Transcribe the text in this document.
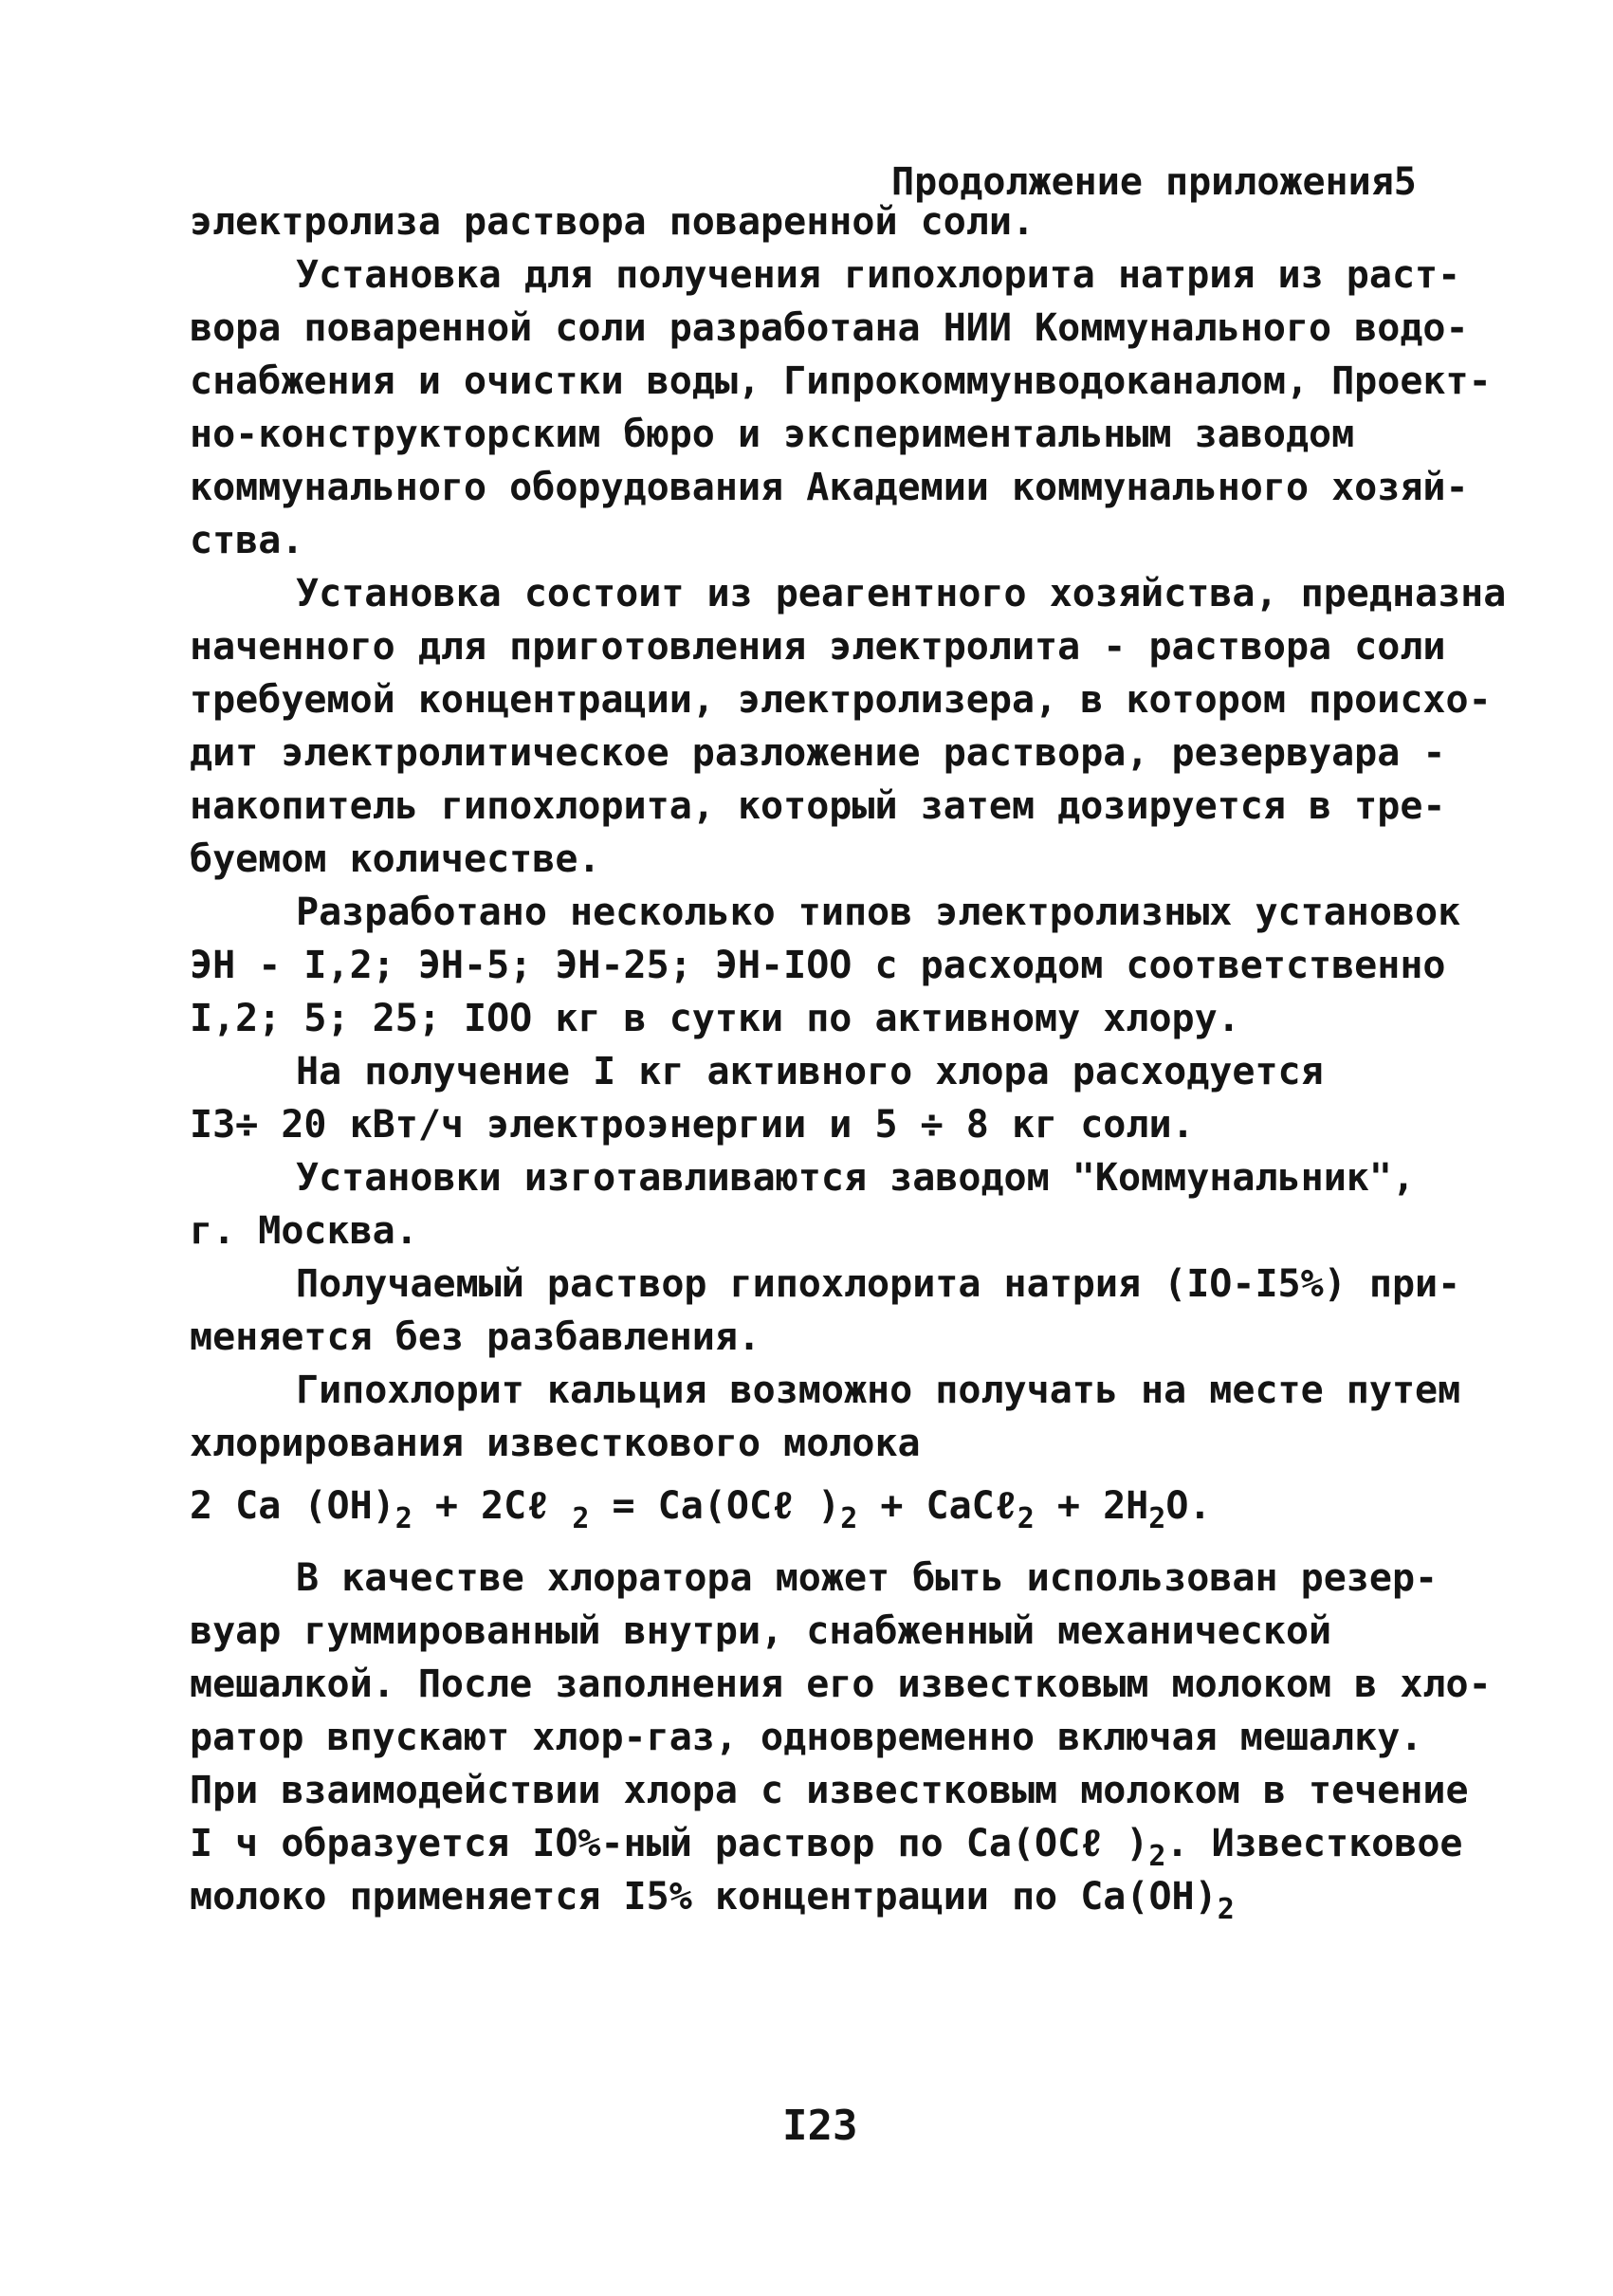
Продолжение приложения5
электролиза раствора поваренной соли.
Установка для получения гипохлорита натрия из раст-
вора поваренной соли разработана НИИ Коммунального водо-
снабжения и очистки воды, Гипрокоммунводоканалом, Проект-
но-конструкторским бюро и экспериментальным заводом
коммунального оборудования Академии коммунального хозяй-
ства.
Установка состоит из реагентного хозяйства, предназна
наченного для приготовления электролита - раствора соли
требуемой концентрации, электролизера, в котором происхо-
дит электролитическое разложение раствора, резервуара -
накопитель гипохлорита, который затем дозируется в тре-
буемом количестве.
Разработано несколько типов электролизных установок
ЭН - I,2; ЭН-5; ЭН-25; ЭН-IOO с расходом соответственно
I,2; 5; 25; IOO кг в сутки по активному хлору.
На получение I кг активного хлора расходуется
I3÷ 20 кВт/ч электроэнергии и 5 ÷ 8 кг соли.
Установки изготавливаются заводом "Коммунальник",
г. Москва.
Получаемый раствор гипохлорита натрия (IO-I5%) при-
меняется без разбавления.
Гипохлорит кальция возможно получать на месте путем
хлорирования известкового молока
2 Ca $(OH)_2$ + 2Cℓ $_2$ = Ca(OCℓ )$_2$ + CaCℓ$_2$ + $2H_2O$.
В качестве хлоратора может быть использован резер-
вуар гуммированный внутри, снабженный механической
мешалкой. После заполнения его известковым молоком в хло-
ратор впускают хлор-газ, одновременно включая мешалку.
При взаимодействии хлора с известковым молоком в течение
I ч образуется IO%-ный раствор по Ca(OCℓ )$_2$. Известковое
молоко применяется I5% концентрации по $Ca(OH)_2$
I23
